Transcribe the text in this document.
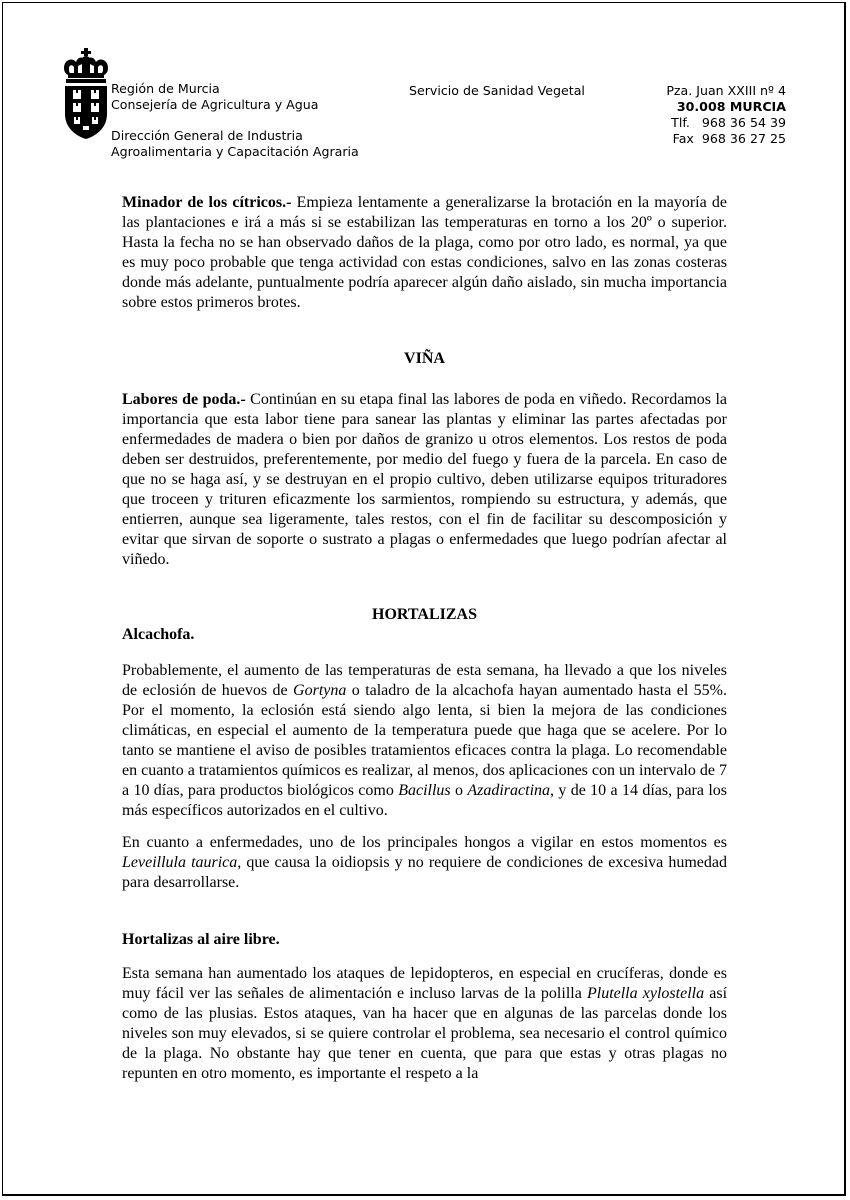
Región de Murcia
Consejería de Agricultura y Agua
Dirección General de Industria
Agroalimentaria y Capacitación Agraria
Servicio de Sanidad Vegetal	Pza. Juan XXIII nº 4
30.008 MURCIA
Tlf.   968 36 54 39
Fax  968 36 27 25

Minador de los cítricos.- Empieza lentamente a generalizarse la brotación en la mayoría de las plantaciones e irá a más si se estabilizan las temperaturas en torno a los 20º o superior. Hasta la fecha no se han observado daños de la plaga, como por otro lado, es normal, ya que es muy poco probable que tenga actividad con estas condiciones, salvo en las zonas costeras donde más adelante, puntualmente podría aparecer algún daño aislado, sin mucha importancia sobre estos primeros brotes.

VIÑA

Labores de poda.- Continúan en su etapa final las labores de poda en viñedo. Recordamos la importancia que esta labor tiene para sanear las plantas y eliminar las partes afectadas por enfermedades de madera o bien por daños de granizo u otros elementos. Los restos de poda deben ser destruidos, preferentemente, por medio del fuego y fuera de la parcela. En caso de que no se haga así, y se destruyan en el propio cultivo, deben utilizarse equipos trituradores que troceen y trituren eficazmente los sarmientos, rompiendo su estructura, y además, que entierren, aunque sea ligeramente, tales restos, con el fin de facilitar su descomposición y evitar que sirvan de soporte o sustrato a plagas o enfermedades que luego podrían afectar al viñedo.

HORTALIZAS

Alcachofa.

Probablemente, el aumento de las temperaturas de esta semana, ha llevado a que los niveles de eclosión de huevos de Gortyna o taladro de la alcachofa hayan aumentado hasta el 55%. Por el momento, la eclosión está siendo algo lenta, si bien la mejora de las condiciones climáticas, en especial el aumento de la temperatura puede que haga que se acelere. Por lo tanto se mantiene el aviso de posibles tratamientos eficaces contra la plaga. Lo recomendable en cuanto a tratamientos químicos es realizar, al menos, dos aplicaciones con un intervalo de 7 a 10 días, para productos biológicos como Bacillus o Azadiractina, y de 10 a 14 días, para los más específicos autorizados en el cultivo.

En cuanto a enfermedades, uno de los principales hongos a vigilar en estos momentos es Leveillula taurica, que causa la oidiopsis y no requiere de condiciones de excesiva humedad para desarrollarse.

Hortalizas al aire libre.

Esta semana han aumentado los ataques de lepidopteros, en especial en crucíferas, donde es muy fácil ver las señales de alimentación e incluso larvas de la polilla Plutella xylostella así como de las plusias. Estos ataques, van ha hacer que en algunas de las parcelas donde los niveles son muy elevados, si se quiere controlar el problema, sea necesario el control químico de la plaga. No obstante hay que tener en cuenta, que para que estas y otras plagas no repunten en otro momento, es importante el respeto a la
